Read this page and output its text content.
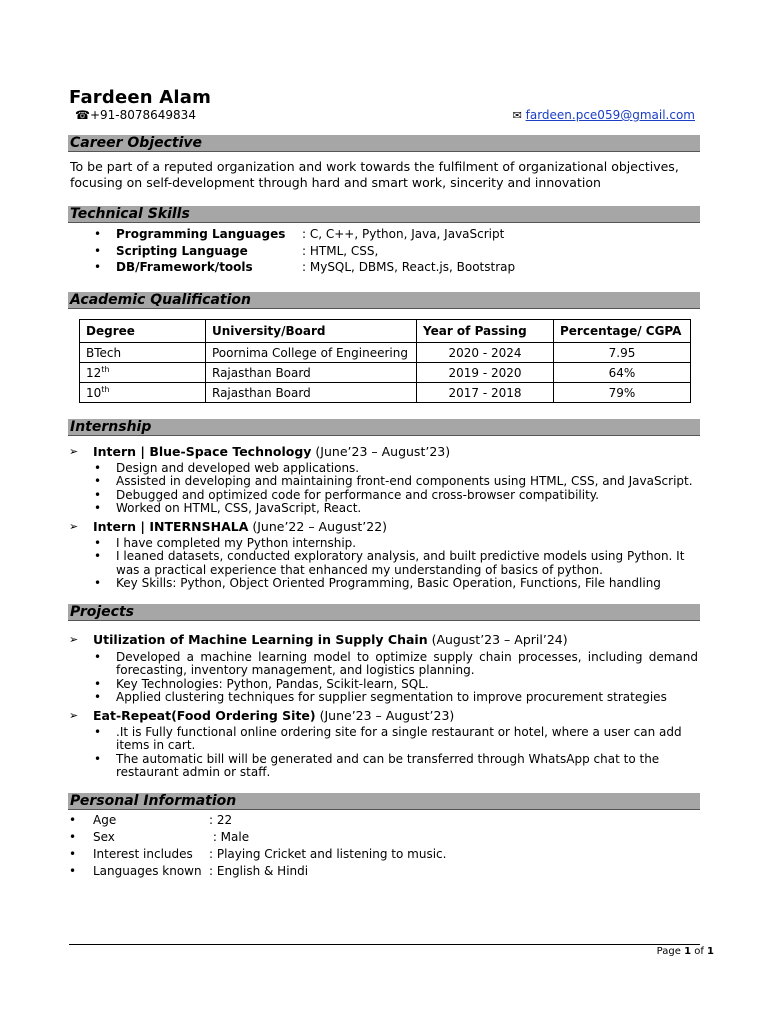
Fardeen Alam
☎+91-8078649834	✉ fardeen.pce059@gmail.com
Career Objective
To be part of a reputed organization and work towards the fulfilment of organizational objectives, focusing on self-development through hard and smart work, sincerity and innovation
Technical Skills
• Programming Languages : C, C++, Python, Java, JavaScript
• Scripting Language	: HTML, CSS,
• DB/Framework/tools	: MySQL, DBMS, React.js, Bootstrap
Academic Qualification
Degree	University/Board	Year of Passing	Percentage/ CGPA
BTech	Poornima College of Engineering	2020 - 2024	7.95
12th	Rajasthan Board	2019 - 2020	64%
10th	Rajasthan Board	2017 - 2018	79%
Internship
➢ Intern | Blue-Space Technology (June’23 – August’23)
• Design and developed web applications.
• Assisted in developing and maintaining front-end components using HTML, CSS, and JavaScript.
• Debugged and optimized code for performance and cross-browser compatibility.
• Worked on HTML, CSS, JavaScript, React.
➢ Intern | INTERNSHALA (June’22 – August’22)
• I have completed my Python internship.
• I leaned datasets, conducted exploratory analysis, and built predictive models using Python. It was a practical experience that enhanced my understanding of basics of python.
• Key Skills: Python, Object Oriented Programming, Basic Operation, Functions, File handling
Projects
➢ Utilization of Machine Learning in Supply Chain (August’23 – April’24)
• Developed a machine learning model to optimize supply chain processes, including demand forecasting, inventory management, and logistics planning.
• Key Technologies: Python, Pandas, Scikit-learn, SQL.
• Applied clustering techniques for supplier segmentation to improve procurement strategies
➢ Eat-Repeat(Food Ordering Site) (June’23 – August’23)
• .It is Fully functional online ordering site for a single restaurant or hotel, where a user can add items in cart.
• The automatic bill will be generated and can be transferred through WhatsApp chat to the restaurant admin or staff.
Personal Information
• Age	: 22
• Sex	: Male
• Interest includes : Playing Cricket and listening to music.
• Languages known : English & Hindi
Page 1 of 1
